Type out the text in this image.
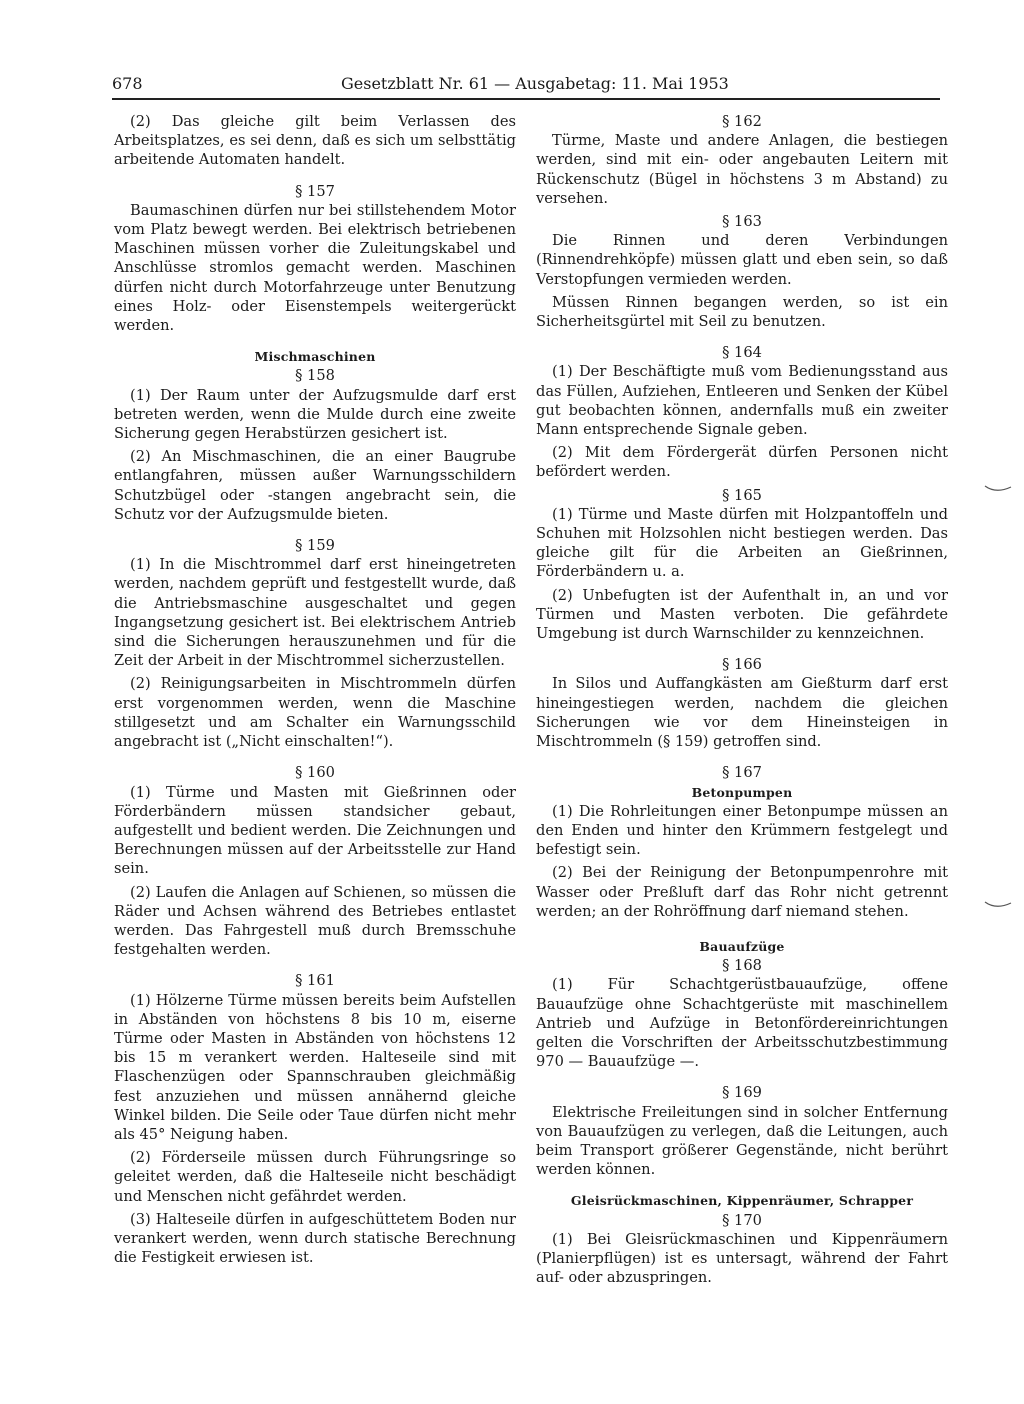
678	Gesetzblatt Nr. 61 — Ausgabetag: 11. Mai 1953

(2) Das gleiche gilt beim Verlassen des Arbeitsplatzes, es sei denn, daß es sich um selbsttätig arbeitende Automaten handelt.

§ 157

Baumaschinen dürfen nur bei stillstehendem Motor vom Platz bewegt werden. Bei elektrisch betriebenen Maschinen müssen vorher die Zuleitungskabel und Anschlüsse stromlos gemacht werden. Maschinen dürfen nicht durch Motorfahrzeuge unter Benutzung eines Holz- oder Eisenstempels weitergerückt werden.

Mischmaschinen
§ 158

(1) Der Raum unter der Aufzugsmulde darf erst betreten werden, wenn die Mulde durch eine zweite Sicherung gegen Herabstürzen gesichert ist.

(2) An Mischmaschinen, die an einer Baugrube entlangfahren, müssen außer Warnungsschildern Schutzbügel oder -stangen angebracht sein, die Schutz vor der Aufzugsmulde bieten.

§ 159

(1) In die Mischtrommel darf erst hineingetreten werden, nachdem geprüft und festgestellt wurde, daß die Antriebsmaschine ausgeschaltet und gegen Ingangsetzung gesichert ist. Bei elektrischem Antrieb sind die Sicherungen herauszunehmen und für die Zeit der Arbeit in der Mischtrommel sicherzustellen.

(2) Reinigungsarbeiten in Mischtrommeln dürfen erst vorgenommen werden, wenn die Maschine stillgesetzt und am Schalter ein Warnungsschild angebracht ist („Nicht einschalten!“).

§ 160

(1) Türme und Masten mit Gießrinnen oder Förderbändern müssen standsicher gebaut, aufgestellt und bedient werden. Die Zeichnungen und Berechnungen müssen auf der Arbeitsstelle zur Hand sein.

(2) Laufen die Anlagen auf Schienen, so müssen die Räder und Achsen während des Betriebes entlastet werden. Das Fahrgestell muß durch Bremsschuhe festgehalten werden.

§ 161

(1) Hölzerne Türme müssen bereits beim Aufstellen in Abständen von höchstens 8 bis 10 m, eiserne Türme oder Masten in Abständen von höchstens 12 bis 15 m verankert werden. Halteseile sind mit Flaschenzügen oder Spannschrauben gleichmäßig fest anzuziehen und müssen annähernd gleiche Winkel bilden. Die Seile oder Taue dürfen nicht mehr als 45° Neigung haben.

(2) Förderseile müssen durch Führungsringe so geleitet werden, daß die Halteseile nicht beschädigt und Menschen nicht gefährdet werden.

(3) Halteseile dürfen in aufgeschüttetem Boden nur verankert werden, wenn durch statische Berechnung die Festigkeit erwiesen ist.

§ 162

Türme, Maste und andere Anlagen, die bestiegen werden, sind mit ein- oder angebauten Leitern mit Rückenschutz (Bügel in höchstens 3 m Abstand) zu versehen.

§ 163

Die Rinnen und deren Verbindungen (Rinnendrehköpfe) müssen glatt und eben sein, so daß Verstopfungen vermieden werden.

Müssen Rinnen begangen werden, so ist ein Sicherheitsgürtel mit Seil zu benutzen.

§ 164

(1) Der Beschäftigte muß vom Bedienungsstand aus das Füllen, Aufziehen, Entleeren und Senken der Kübel gut beobachten können, andernfalls muß ein zweiter Mann entsprechende Signale geben.

(2) Mit dem Fördergerät dürfen Personen nicht befördert werden.

§ 165

(1) Türme und Maste dürfen mit Holzpantoffeln und Schuhen mit Holzsohlen nicht bestiegen werden. Das gleiche gilt für die Arbeiten an Gießrinnen, Förderbändern u. a.

(2) Unbefugten ist der Aufenthalt in, an und vor Türmen und Masten verboten. Die gefährdete Umgebung ist durch Warnschilder zu kennzeichnen.

§ 166

In Silos und Auffangkästen am Gießturm darf erst hineingestiegen werden, nachdem die gleichen Sicherungen wie vor dem Hineinsteigen in Mischtrommeln (§ 159) getroffen sind.

§ 167
Betonpumpen

(1) Die Rohrleitungen einer Betonpumpe müssen an den Enden und hinter den Krümmern festgelegt und befestigt sein.

(2) Bei der Reinigung der Betonpumpenrohre mit Wasser oder Preßluft darf das Rohr nicht getrennt werden; an der Rohröffnung darf niemand stehen.

Bauaufzüge
§ 168

(1) Für Schachtgerüstbauaufzüge, offene Bauaufzüge ohne Schachtgerüste mit maschinellem Antrieb und Aufzüge in Betonfördereinrichtungen gelten die Vorschriften der Arbeitsschutzbestimmung 970 — Bauaufzüge —.

§ 169

Elektrische Freileitungen sind in solcher Entfernung von Bauaufzügen zu verlegen, daß die Leitungen, auch beim Transport größerer Gegenstände, nicht berührt werden können.

Gleisrückmaschinen, Kippenräumer, Schrapper
§ 170

(1) Bei Gleisrückmaschinen und Kippenräumern (Planierpflügen) ist es untersagt, während der Fahrt auf- oder abzuspringen.
